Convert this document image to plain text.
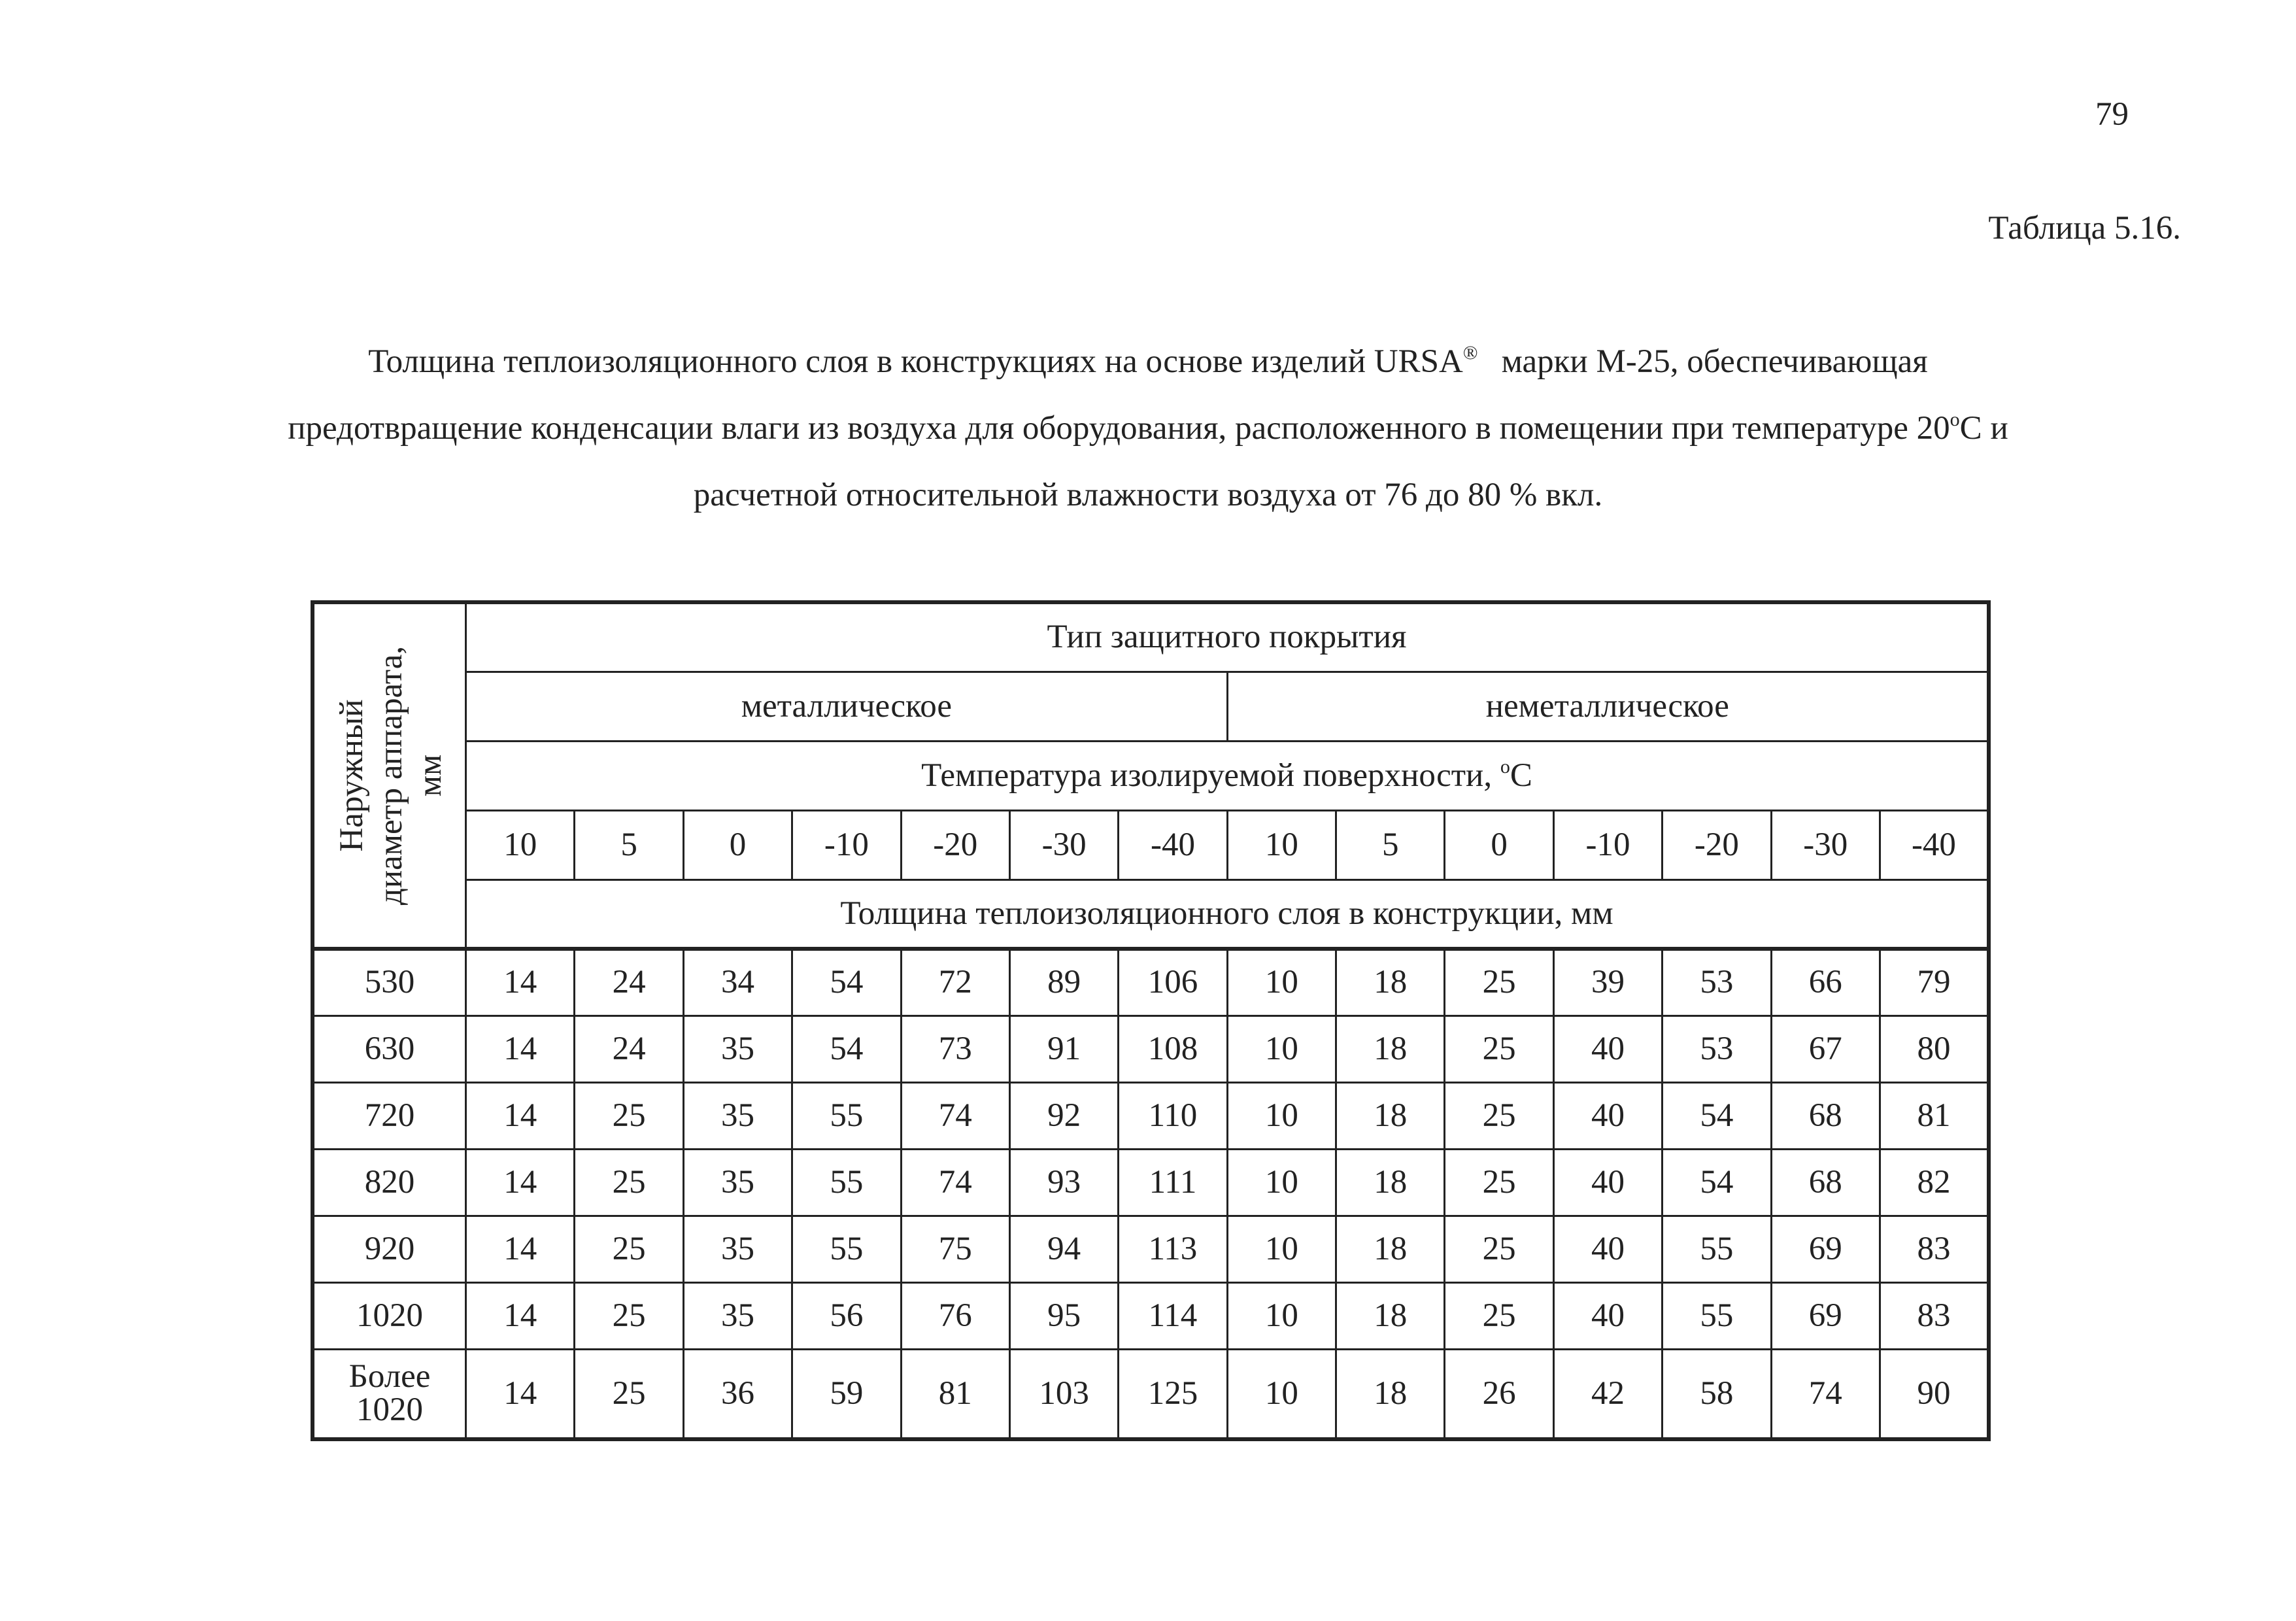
79
Таблица 5.16.
Толщина теплоизоляционного слоя в конструкциях на основе изделий URSA® марки М-25, обеспечивающая
предотвращение конденсации влаги из воздуха для оборудования, расположенного в помещении при температуре $20^оС$ и
расчетной относительной влажности воздуха от 76 до 80 % вкл.
Наружный диаметр аппарата, мм	Тип защитного покрытия													
	металлическое							неметаллическое						
	Температура изолируемой поверхности, $^о$С													
	10	5	0	-10	-20	-30	-40	10	5	0	-10	-20	-30	-40
	Толщина теплоизоляционного слоя в конструкции, мм													
530	14	24	34	54	72	89	106	10	18	25	39	53	66	79
630	14	24	35	54	73	91	108	10	18	25	40	53	67	80
720	14	25	35	55	74	92	110	10	18	25	40	54	68	81
820	14	25	35	55	74	93	111	10	18	25	40	54	68	82
920	14	25	35	55	75	94	113	10	18	25	40	55	69	83
1020	14	25	35	56	76	95	114	10	18	25	40	55	69	83

Более
1020	14	25	36	59	81	103	125	10	18	26	42	58	74	90
